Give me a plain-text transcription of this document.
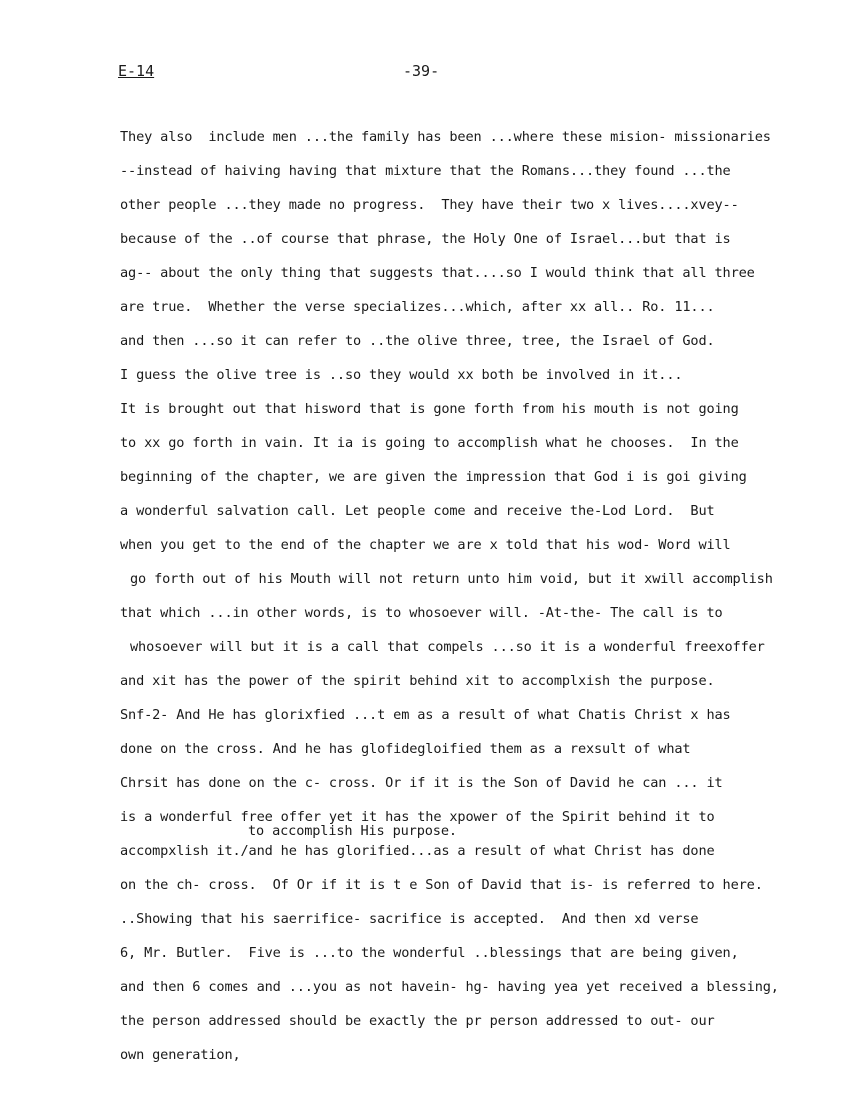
E-14	-39-
They also  include men ...the family has been ...where these mision- missionaries
--instead of haiving having that mixture that the Romans...they found ...the
other people ...they made no progress.  They have their two x lives....xvey--
because of the ..of course that phrase, the Holy One of Israel...but that is
ag-- about the only thing that suggests that....so I would think that all three
are true.  Whether the verse specializes...which, after xx all.. Ro. 11...
and then ...so it can refer to ..the olive three, tree, the Israel of God.
I guess the olive tree is ..so they would xx both be involved in it...
It is brought out that hisword that is gone forth from his mouth is not going
to xx go forth in vain. It ia is going to accomplish what he chooses.  In the
beginning of the chapter, we are given the impression that God i is goi giving
a wonderful salvation call. Let people come and receive the-Lod Lord.  But
when you get to the end of the chapter we are x told that his wod- Word will
go forth out of his Mouth will not return unto him void, but it xwill accomplish
that which ...in other words, is to whosoever will. -At-the- The call is to
whosoever will but it is a call that compels ...so it is a wonderful freexoffer
and xit has the power of the spirit behind xit to accomplxish the purpose.
Snf-2- And He has glorixfied ...t em as a result of what Chatis Christ x has
done on the cross. And he has glofidegloified them as a rexsult of what
Chrsit has done on the c- cross. Or if it is the Son of David he can ... it
is a wonderful free offer yet it has the xpower of the Spirit behind it to
to accomplish His purpose.
accompxlish it./and he has glorified...as a result of what Christ has done
on the ch- cross.  Of Or if it is t e Son of David that is- is referred to here.
..Showing that his saerrifice- sacrifice is accepted.  And then xd verse
6, Mr. Butler.  Five is ...to the wonderful ..blessings that are being given,
and then 6 comes and ...you as not havein- hg- having yea yet received a blessing,
the person addressed should be exactly the pr person addressed to out- our
own generation,
